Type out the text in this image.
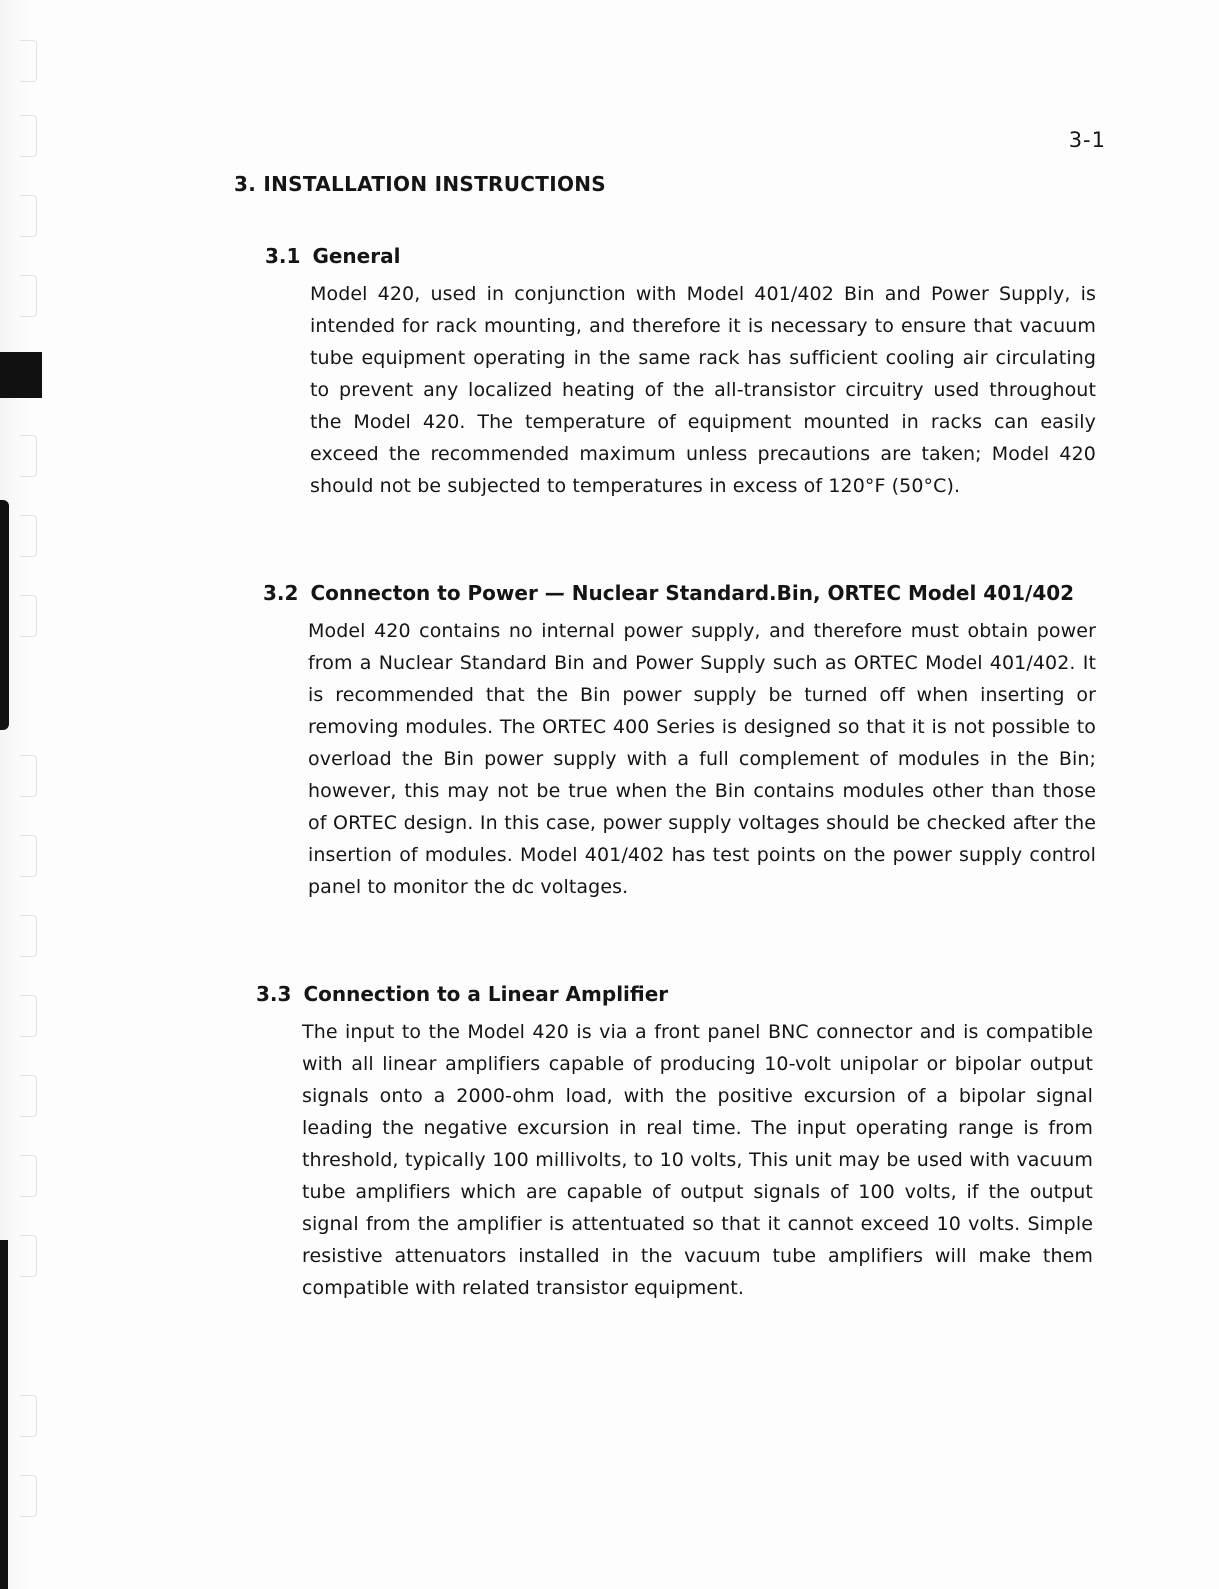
3-1
3. INSTALLATION INSTRUCTIONS
3.1 General
Model 420, used in conjunction with Model 401/402 Bin and Power Supply, is intended for rack mounting, and therefore it is necessary to ensure that vacuum tube equipment operating in the same rack has sufficient cooling air circulating to prevent any localized heating of the all-transistor circuitry used throughout the Model 420. The temperature of equipment mounted in racks can easily exceed the recommended maximum unless precautions are taken; Model 420 should not be subjected to temperatures in excess of 120°F (50°C).
3.2 Connecton to Power — Nuclear Standard.Bin, ORTEC Model 401/402
Model 420 contains no internal power supply, and therefore must obtain power from a Nuclear Standard Bin and Power Supply such as ORTEC Model 401/402. It is recommended that the Bin power supply be turned off when inserting or removing modules. The ORTEC 400 Series is designed so that it is not possible to overload the Bin power supply with a full complement of modules in the Bin; however, this may not be true when the Bin contains modules other than those of ORTEC design. In this case, power supply voltages should be checked after the insertion of modules. Model 401/402 has test points on the power supply control panel to monitor the dc voltages.
3.3 Connection to a Linear Amplifier
The input to the Model 420 is via a front panel BNC connector and is compatible with all linear amplifiers capable of producing 10-volt unipolar or bipolar output signals onto a 2000-ohm load, with the positive excursion of a bipolar signal leading the negative excursion in real time. The input operating range is from threshold, typically 100 millivolts, to 10 volts, This unit may be used with vacuum tube amplifiers which are capable of output signals of 100 volts, if the output signal from the amplifier is attentuated so that it cannot exceed 10 volts. Simple resistive attenuators installed in the vacuum tube amplifiers will make them compatible with related transistor equipment.
